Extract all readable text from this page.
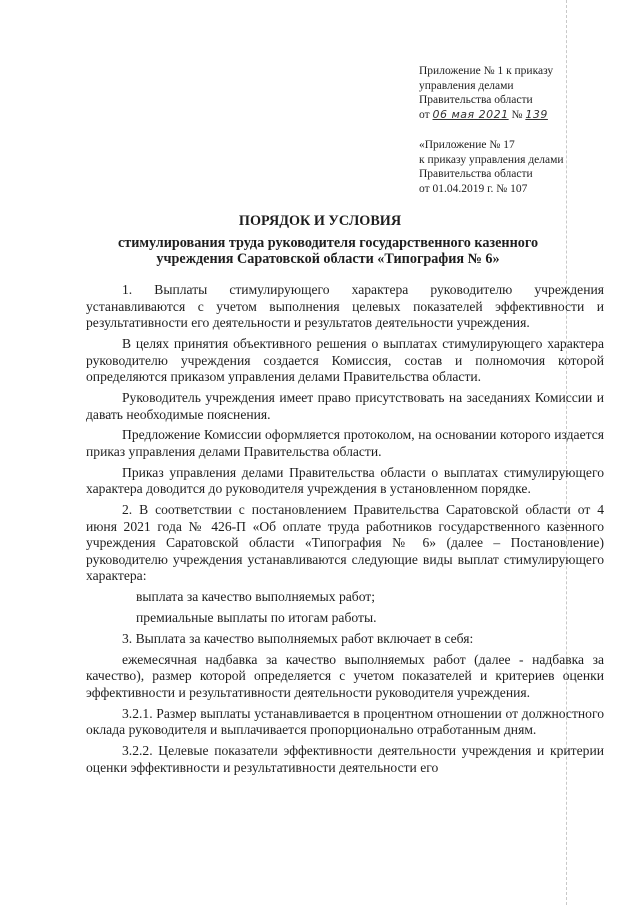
Приложение № 1 к приказу
управления делами
Правительства области
от 06 мая 2021 № 139
«Приложение № 17
к приказу управления делами
Правительства области
от 01.04.2019 г. № 107
ПОРЯДОК И УСЛОВИЯ
стимулирования труда руководителя государственного казенного
учреждения Саратовской области «Типография № 6»

1. Выплаты стимулирующего характера руководителю учреждения устанавливаются с учетом выполнения целевых показателей эффективности и результативности его деятельности и результатов деятельности учреждения.

В целях принятия объективного решения о выплатах стимулирующего характера руководителю учреждения создается Комиссия, состав и полномочия которой определяются приказом управления делами Правительства области.

Руководитель учреждения имеет право присутствовать на заседаниях Комиссии и давать необходимые пояснения.

Предложение Комиссии оформляется протоколом, на основании которого издается приказ управления делами Правительства области.

Приказ управления делами Правительства области о выплатах стимулирующего характера доводится до руководителя учреждения в установленном порядке.

2. В соответствии с постановлением Правительства Саратовской области от 4 июня 2021 года № 426-П «Об оплате труда работников государственного казенного учреждения Саратовской области «Типография № 6» (далее – Постановление) руководителю учреждения устанавливаются следующие виды выплат стимулирующего характера:

выплата за качество выполняемых работ;

премиальные выплаты по итогам работы.

3. Выплата за качество выполняемых работ включает в себя:

ежемесячная надбавка за качество выполняемых работ (далее - надбавка за качество), размер которой определяется с учетом показателей и критериев оценки эффективности и результативности деятельности руководителя учреждения.

3.2.1. Размер выплаты устанавливается в процентном отношении от должностного оклада руководителя и выплачивается пропорционально отработанным дням.

3.2.2. Целевые показатели эффективности деятельности учреждения и критерии оценки эффективности и результативности деятельности его
